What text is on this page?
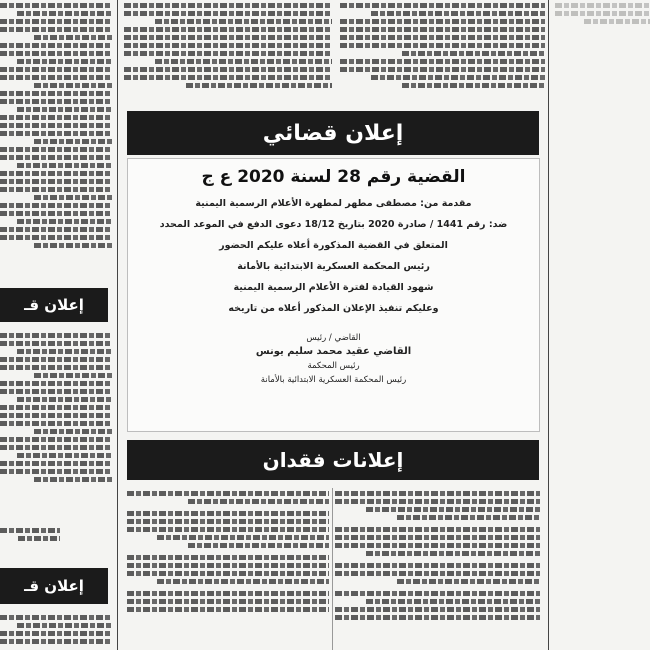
إعلان قـ
إعلان قـ
إعلان قضائي
القضية رقم 28 لسنة 2020 ع ج
مقدمة من: مصطفى مطهر لمطهرة الأعلام الرسمية اليمنية
ضد: رقم 1441 / صادرة 2020 بتاريخ 18/12 دعوى الدفع في الموعد المحدد
المتعلق في القضية المذكورة أعلاه عليكم الحضور
رئيس المحكمة العسكرية الابتدائية بالأمانة
شهود القيادة لفترة الأعلام الرسمية اليمنية
وعليكم تنفيذ الإعلان المذكور أعلاه من تاريخه
القاضي / رئيس
القاضي عقيد محمد سليم يونس
رئيس المحكمة
رئيس المحكمة العسكرية الابتدائية بالأمانة
إعلانات فقدان
